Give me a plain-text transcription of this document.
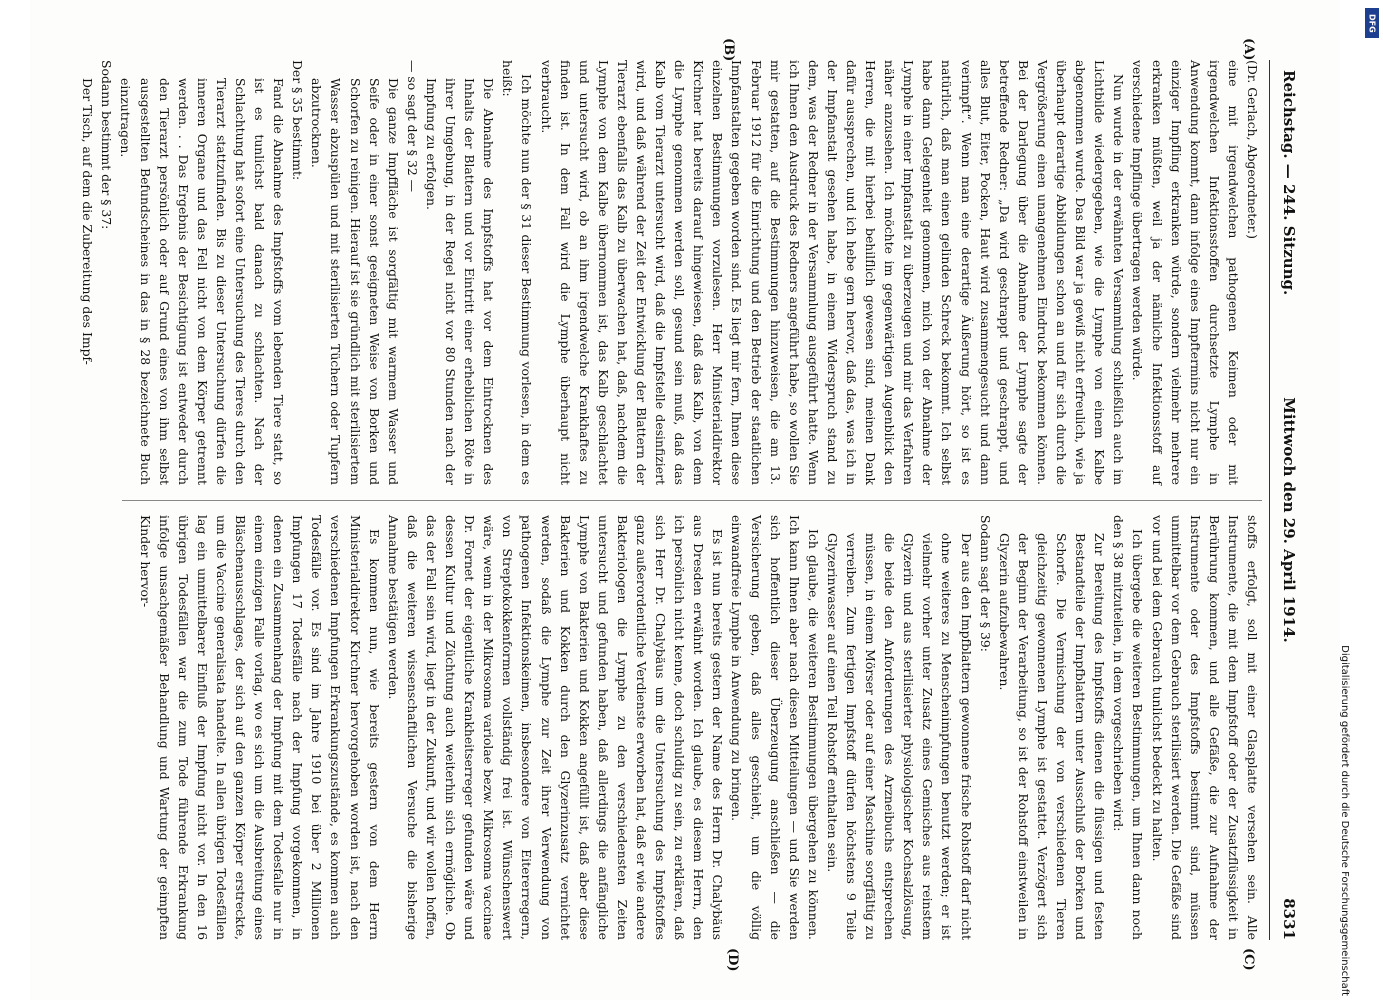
Reichstag. — 244. Sitzung.
Mittwoch den 29. April 1914.
8331
(A)
(B)
(C)
(D)

(Dr. Gerlach, Abgeordneter.)

eine mit irgendwelchen pathogenen Keimen oder mit irgendwelchen Infektionsstoffen durchsetzte Lymphe in Anwendung kommt, dann infolge eines Impftermins nicht nur ein einziger Impfling erkranken würde, sondern vielmehr mehrere erkranken müßten, weil ja der nämliche Infektionsstoff auf verschiedene Impflinge übertragen werden würde.

Nun wurde in der erwähnten Versammlung schließlich auch im Lichtbilde wiedergegeben, wie die Lymphe von einem Kalbe abgenommen wurde. Das Bild war ja gewiß nicht erfreulich, wie ja überhaupt derartige Abbildungen schon an und für sich durch die Vergrößerung einen unangenehmen Eindruck bekommen können. Bei der Darlegung über die Abnahme der Lymphe sagte der betreffende Redner: „Da wird geschrappt und geschrappt, und alles Blut, Eiter, Pocken, Haut wird zusammengesucht und dann verimpft“. Wenn man eine derartige Äußerung hört, so ist es natürlich, daß man einen gelinden Schreck bekommt. Ich selbst habe dann Gelegenheit genommen, mich von der Abnahme der Lymphe in einer Impfanstalt zu überzeugen und mir das Verfahren näher anzusehen. Ich möchte im gegenwärtigen Augenblick den Herren, die mit hierbei behilflich gewesen sind, meinen Dank dafür aussprechen, und ich hebe gern hervor, daß das, was ich in der Impfanstalt gesehen habe, in einem Widerspruch stand zu dem, was der Redner in der Versammlung ausgeführt hatte. Wenn ich Ihnen den Ausdruck des Redners angeführt habe, so wollen Sie mir gestatten, auf die Bestimmungen hinzuweisen, die am 13. Februar 1912 für die Einrichtung und den Betrieb der staatlichen Impfanstalten gegeben worden sind. Es liegt mir fern, Ihnen diese einzelnen Bestimmungen vorzulesen. Herr Ministerialdirektor Kirchner hat bereits darauf hingewiesen, daß das Kalb, von dem die Lymphe genommen werden soll, gesund sein muß, daß das Kalb vom Tierarzt untersucht wird, daß die Impfstelle desinfiziert wird, und daß während der Zeit der Entwicklung der Blattern der Tierarzt ebenfalls das Kalb zu überwachen hat, daß, nachdem die Lymphe von dem Kalbe übernommen ist, das Kalb geschlachtet und untersucht wird, ob an ihm irgendwelche Krankhaftes zu finden ist. In dem Fall wird die Lymphe überhaupt nicht verbraucht.

Ich möchte nun der § 31 dieser Bestimmung vorlesen, in dem es heißt:

Die Abnahme des Impfstoffs hat vor dem Eintrocknen des Inhalts der Blattern und vor Eintritt einer erheblichen Röte in ihrer Umgebung, in der Regel nicht vor 80 Stunden nach der Impfung zu erfolgen.

— so sagt der § 32 —

Die ganze Impffläche ist sorgfältig mit warmem Wasser und Seife oder in einer sonst geeigneten Weise von Borken und Schorfen zu reinigen. Hierauf ist sie gründlich mit sterilisiertem Wasser abzuspülen und mit sterilisierten Tüchern oder Tupfern abzutrocknen.

Der § 35 bestimmt:

Fand die Abnahme des Impfstoffs vom lebenden Tiere statt, so ist es tunlichst bald danach zu schlachten. Nach der Schlachtung hat sofort eine Untersuchung des Tieres durch den Tierarzt stattzufinden. Bis zu dieser Untersuchung dürfen die inneren Organe und das Fell nicht von dem Körper getrennt werden. . . Das Ergebnis der Besichtigung ist entweder durch den Tierarzt persönlich oder auf Grund eines von ihm selbst ausgestellten Befundscheines in das in § 28 bezeichnete Buch einzutragen.

Sodann bestimmt der § 37:

Der Tisch, auf dem die Zubereitung des Impf-

stoffs erfolgt, soll mit einer Glasplatte versehen sein. Alle Instrumente, die mit dem Impfstoff oder der Zusatzflüssigkeit in Berührung kommen, und alle Gefäße, die zur Aufnahme der Instrumente oder des Impfstoffs bestimmt sind, müssen unmittelbar vor dem Gebrauch sterilisiert werden. Die Gefäße sind vor und bei dem Gebrauch tunlichst bedeckt zu halten.

Ich übergebe die weiteren Bestimmungen, um Ihnen dann noch den § 38 mitzuteilen, in dem vorgeschrieben wird:

Zur Bereitung des Impfstoffs dienen die flüssigen und festen Bestandteile der Impfblattern unter Ausschluß der Borken und Schorfe. Die Vermischung der von verschiedenen Tieren gleichzeitig gewonnenen Lymphe ist gestattet. Verzögert sich der Beginn der Verarbeitung, so ist der Rohstoff einstweilen in Glyzerin aufzubewahren.

Sodann sagt der § 39:

Der aus den Impfblattern gewonnene frische Rohstoff darf nicht ohne weiteres zu Menschenimpfungen benutzt werden; er ist vielmehr vorher unter Zusatz eines Gemisches aus reinstem Glyzerin und aus sterilisierter physiologischer Kochsalzlösung, die beide den Anforderungen des Arzneibuchs entsprechen müssen, in einem Mörser oder auf einer Maschine sorgfältig zu verreiben. Zum fertigen Impfstoff dürfen höchstens 9 Teile Glyzerinwasser auf einen Teil Rohstoff enthalten sein.

Ich glaube, die weiteren Bestimmungen übergehen zu können. Ich kann Ihnen aber nach diesen Mitteilungen — und Sie werden sich hoffentlich dieser Überzeugung anschließen — die Versicherung geben, daß alles geschieht, um die völlig einwandfreie Lymphe in Anwendung zu bringen.

Es ist nun bereits gestern der Name des Herrn Dr. Chalybäus aus Dresden erwähnt worden. Ich glaube, es diesem Herrn, den ich persönlich nicht kenne, doch schuldig zu sein, zu erklären, daß sich Herr Dr. Chalybäus um die Untersuchung des Impfstoffes ganz außerordentliche Verdienste erworben hat, daß er wie andere Bakteriologen die Lymphe zu den verschiedensten Zeiten untersucht und gefunden haben, daß allerdings die anfängliche Lymphe von Bakterien und Kokken angefüllt ist, daß aber diese Bakterien und Kokken durch den Glyzerinzusatz vernichtet werden, sodaß die Lymphe zur Zeit ihrer Verwendung von pathogenen Infektionskeimen, insbesondere von Eitererregern, von Streptokokkenformen vollständig frei ist. Wünschenswert wäre, wenn in der Mikrosoma variolae bezw. Mikrosoma vaccinae Dr. Fornet der eigentliche Krankheitserreger gefunden wäre und dessen Kultur und Züchtung auch weiterhin sich ermögliche. Ob das der Fall sein wird, liegt in der Zukunft, und wir wollen hoffen, daß die weiteren wissenschaftlichen Versuche die bisherige Annahme bestätigen werden.

Es kommen nun, wie bereits gestern von dem Herrn Ministerialdirektor Kirchner hervorgehoben worden ist, nach den verschiedenen Impfungen Erkrankungszustände, es kommen auch Todesfälle vor. Es sind im Jahre 1910 bei über 2 Millionen Impfungen 17 Todesfälle nach der Impfung vorgekommen, in denen ein Zusammenhang der Impfung mit dem Todesfalle nur in einem einzigen Falle vorlag, wo es sich um die Ausbreitung eines Bläschenausschlages, der sich auf den ganzen Körper erstreckte, um die Vaccine generalisata handelte. In allen übrigen Todesfällen lag ein unmittelbarer Einfluß der Impfung nicht vor. In den 16 übrigen Todesfällen war die zum Tode führende Erkrankung infolge unsachgemäßer Behandlung und Wartung der geimpften Kinder hervor-

Digitalisierung gefördert durch die Deutsche Forschungsgemeinschaft
DFG
